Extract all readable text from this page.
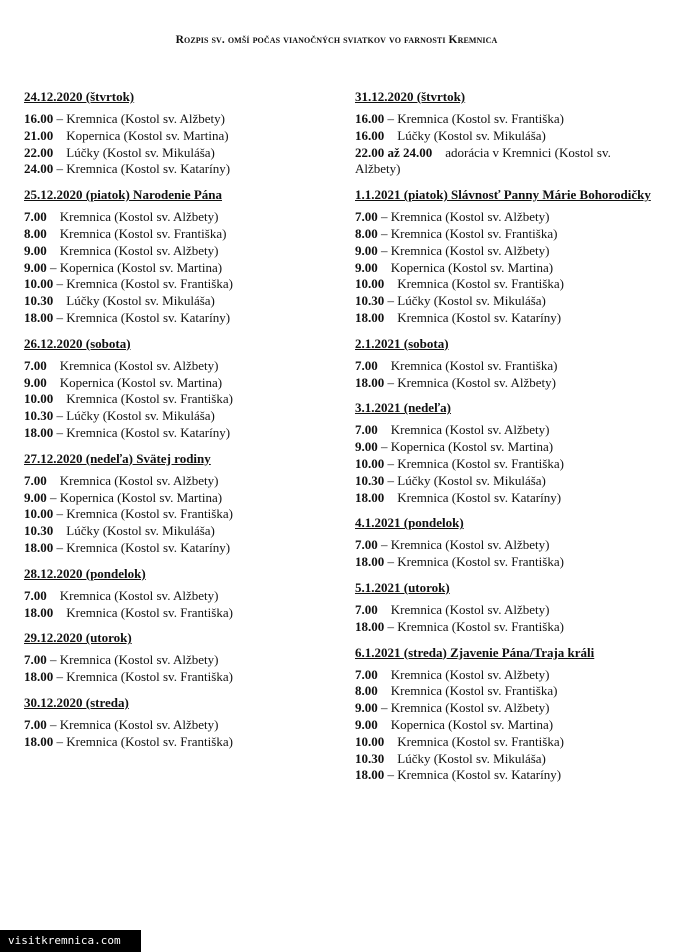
Rozpis sv. omší počas vianočných sviatkov vo farnosti Kremnica
24.12.2020 (štvrtok)
16.00 – Kremnica (Kostol sv. Alžbety)
21.00    Kopernica (Kostol sv. Martina)
22.00    Lúčky (Kostol sv. Mikuláša)
24.00 – Kremnica (Kostol sv. Kataríny)
25.12.2020 (piatok) Narodenie Pána
7.00    Kremnica (Kostol sv. Alžbety)
8.00    Kremnica (Kostol sv. Františka)
9.00    Kremnica (Kostol sv. Alžbety)
9.00 – Kopernica (Kostol sv. Martina)
10.00 – Kremnica (Kostol sv. Františka)
10.30    Lúčky (Kostol sv. Mikuláša)
18.00 – Kremnica (Kostol sv. Kataríny)
26.12.2020 (sobota)
7.00    Kremnica (Kostol sv. Alžbety)
9.00    Kopernica (Kostol sv. Martina)
10.00    Kremnica (Kostol sv. Františka)
10.30 – Lúčky (Kostol sv. Mikuláša)
18.00 – Kremnica (Kostol sv. Kataríny)
27.12.2020 (nedeľa) Svätej rodiny
7.00    Kremnica (Kostol sv. Alžbety)
9.00 – Kopernica (Kostol sv. Martina)
10.00 – Kremnica (Kostol sv. Františka)
10.30    Lúčky (Kostol sv. Mikuláša)
18.00 – Kremnica (Kostol sv. Kataríny)
28.12.2020 (pondelok)
7.00    Kremnica (Kostol sv. Alžbety)
18.00    Kremnica (Kostol sv. Františka)
29.12.2020 (utorok)
7.00 – Kremnica (Kostol sv. Alžbety)
18.00 – Kremnica (Kostol sv. Františka)
30.12.2020 (streda)
7.00 – Kremnica (Kostol sv. Alžbety)
18.00 – Kremnica (Kostol sv. Františka)
31.12.2020 (štvrtok)
16.00 – Kremnica (Kostol sv. Františka)
16.00    Lúčky (Kostol sv. Mikuláša)
22.00 až 24.00    adorácia v Kremnici (Kostol sv. Alžbety)
1.1.2021 (piatok) Slávnosť Panny Márie Bohorodičky
7.00 – Kremnica (Kostol sv. Alžbety)
8.00 – Kremnica (Kostol sv. Františka)
9.00 – Kremnica (Kostol sv. Alžbety)
9.00    Kopernica (Kostol sv. Martina)
10.00    Kremnica (Kostol sv. Františka)
10.30 – Lúčky (Kostol sv. Mikuláša)
18.00    Kremnica (Kostol sv. Kataríny)
2.1.2021 (sobota)
7.00    Kremnica (Kostol sv. Františka)
18.00 – Kremnica (Kostol sv. Alžbety)
3.1.2021 (nedeľa)
7.00    Kremnica (Kostol sv. Alžbety)
9.00 – Kopernica (Kostol sv. Martina)
10.00 – Kremnica (Kostol sv. Františka)
10.30 – Lúčky (Kostol sv. Mikuláša)
18.00    Kremnica (Kostol sv. Kataríny)
4.1.2021 (pondelok)
7.00 – Kremnica (Kostol sv. Alžbety)
18.00 – Kremnica (Kostol sv. Františka)
5.1.2021 (utorok)
7.00    Kremnica (Kostol sv. Alžbety)
18.00 – Kremnica (Kostol sv. Františka)
6.1.2021 (streda) Zjavenie Pána/Traja králi
7.00    Kremnica (Kostol sv. Alžbety)
8.00    Kremnica (Kostol sv. Františka)
9.00 – Kremnica (Kostol sv. Alžbety)
9.00    Kopernica (Kostol sv. Martina)
10.00    Kremnica (Kostol sv. Františka)
10.30    Lúčky (Kostol sv. Mikuláša)
18.00 – Kremnica (Kostol sv. Kataríny)
visitkremnica.com
